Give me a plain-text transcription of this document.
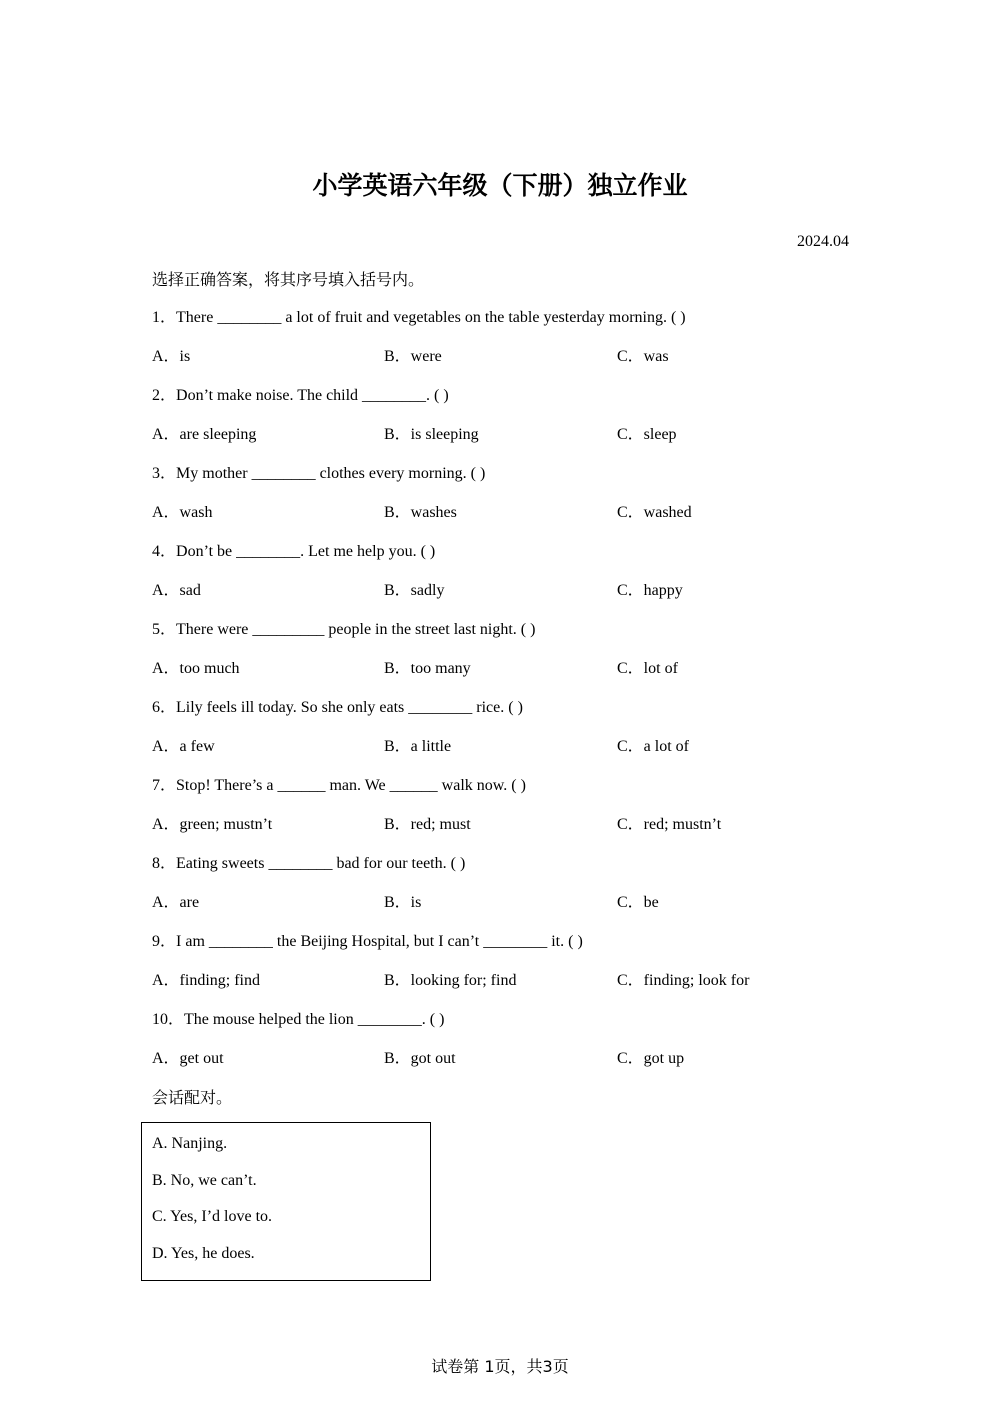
小学英语六年级（下册）独立作业
2024.04
选择正确答案，将其序号填入括号内。
1．There ________ a lot of fruit and vegetables on the table yesterday morning. ( )
A．is	B．were	C．was
2．Don’t make noise. The child ________. ( )
A．are sleeping	B．is sleeping	C．sleep
3．My mother ________ clothes every morning. ( )
A．wash	B．washes	C．washed
4．Don’t be ________. Let me help you. ( )
A．sad	B．sadly	C．happy
5．There were _________ people in the street last night. ( )
A．too much	B．too many	C．lot of
6．Lily feels ill today. So she only eats ________ rice. ( )
A．a few	B．a little	C．a lot of
7．Stop! There’s a ______ man. We ______ walk now. ( )
A．green; mustn’t	B．red; must	C．red; mustn’t
8．Eating sweets ________ bad for our teeth. ( )
A．are	B．is	C．be
9．I am ________ the Beijing Hospital, but I can’t ________ it. ( )
A．finding; find	B．looking for; find	C．finding; look for
10．The mouse helped the lion ________. ( )
A．get out	B．got out	C．got up
会话配对。
A. Nanjing.
B. No, we can’t.
C. Yes, I’d love to.
D. Yes, he does.
试卷第 1页，共3页
